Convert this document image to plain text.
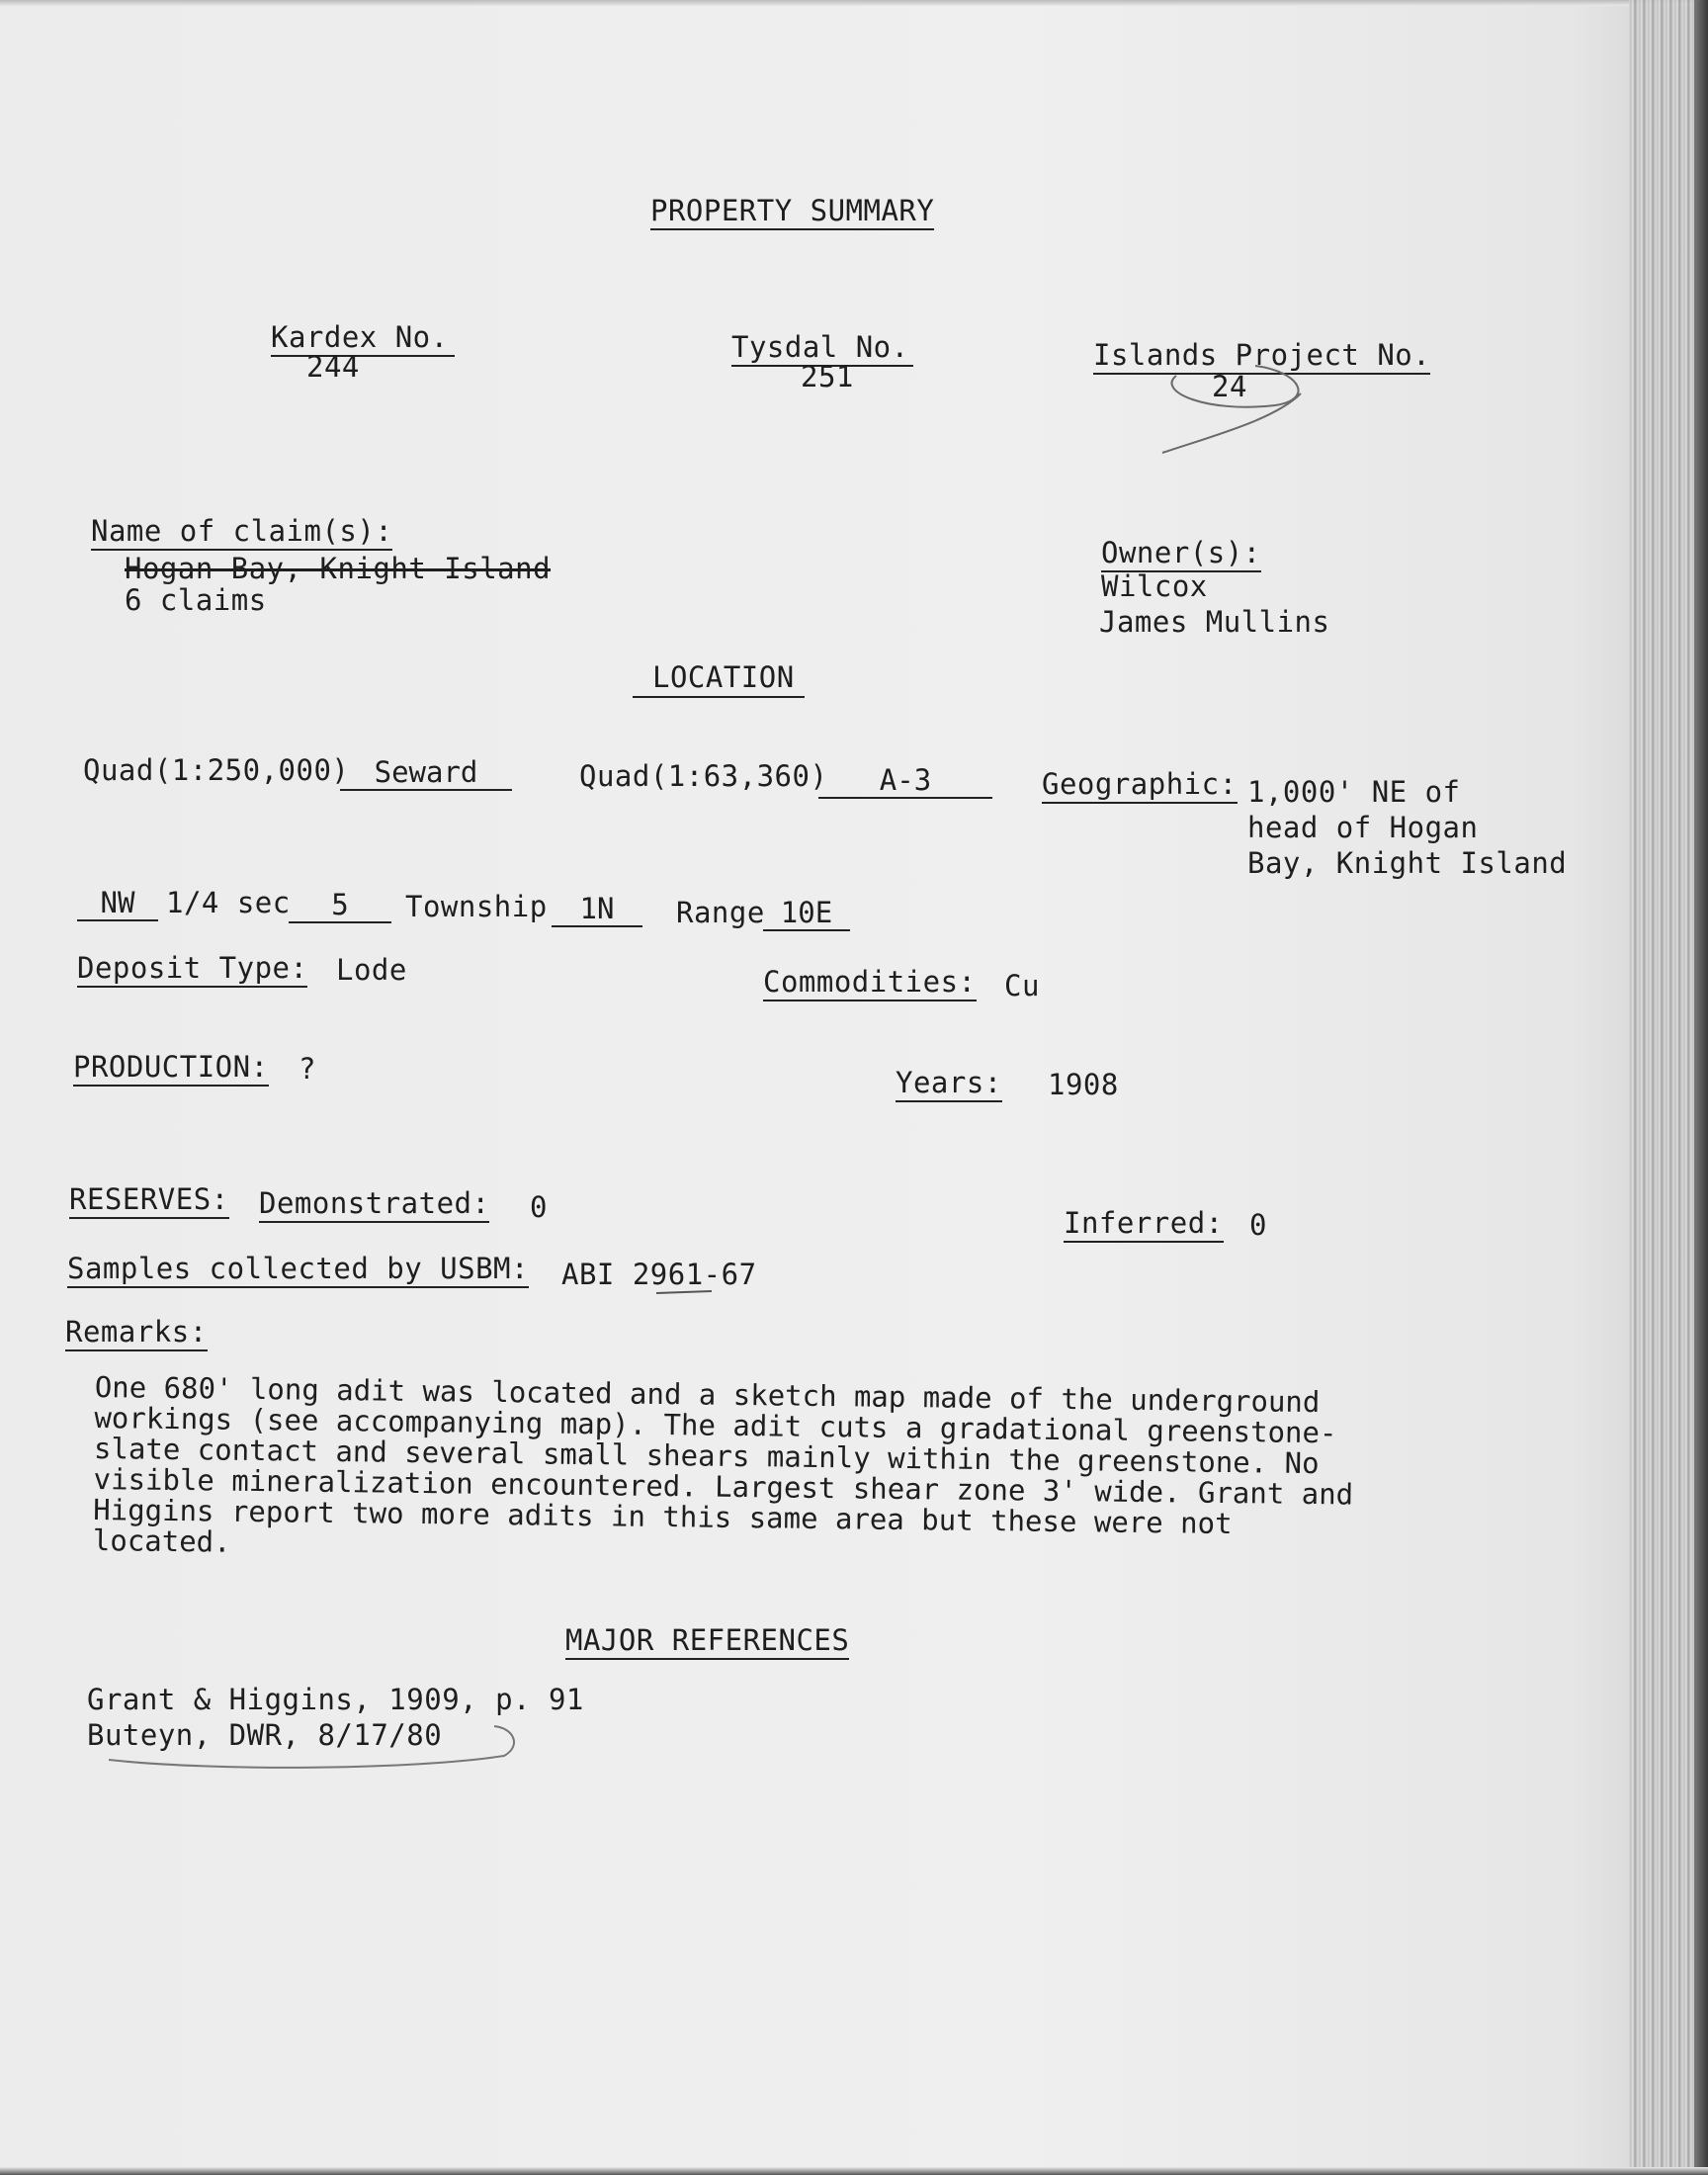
PROPERTY SUMMARY
Kardex No.
244
Tysdal No.
251
Islands Project No.
24
Name of claim(s):
Hogan Bay, Knight Island
6 claims
Owner(s):
Wilcox
James Mullins
LOCATION
Quad(1:250,000) Seward	Quad(1:63,360)	A-3	Geographic: 1,000' NE of
head of Hogan
Bay, Knight Island
NW	1/4 sec	5	Township	1N	Range 10E
Deposit Type: Lode	Commodities: Cu
PRODUCTION: ?	Years: 1908
RESERVES: Demonstrated: 0	Inferred: 0
Samples collected by USBM: ABI 2961-67
Remarks:
One 680' long adit was located and a sketch map made of the underground workings (see accompanying map). The adit cuts a gradational greenstone-slate contact and several small shears mainly within the greenstone. No visible mineralization encountered. Largest shear zone 3' wide. Grant and Higgins report two more adits in this same area but these were not located.
MAJOR REFERENCES
Grant & Higgins, 1909, p. 91
Buteyn, DWR, 8/17/80
